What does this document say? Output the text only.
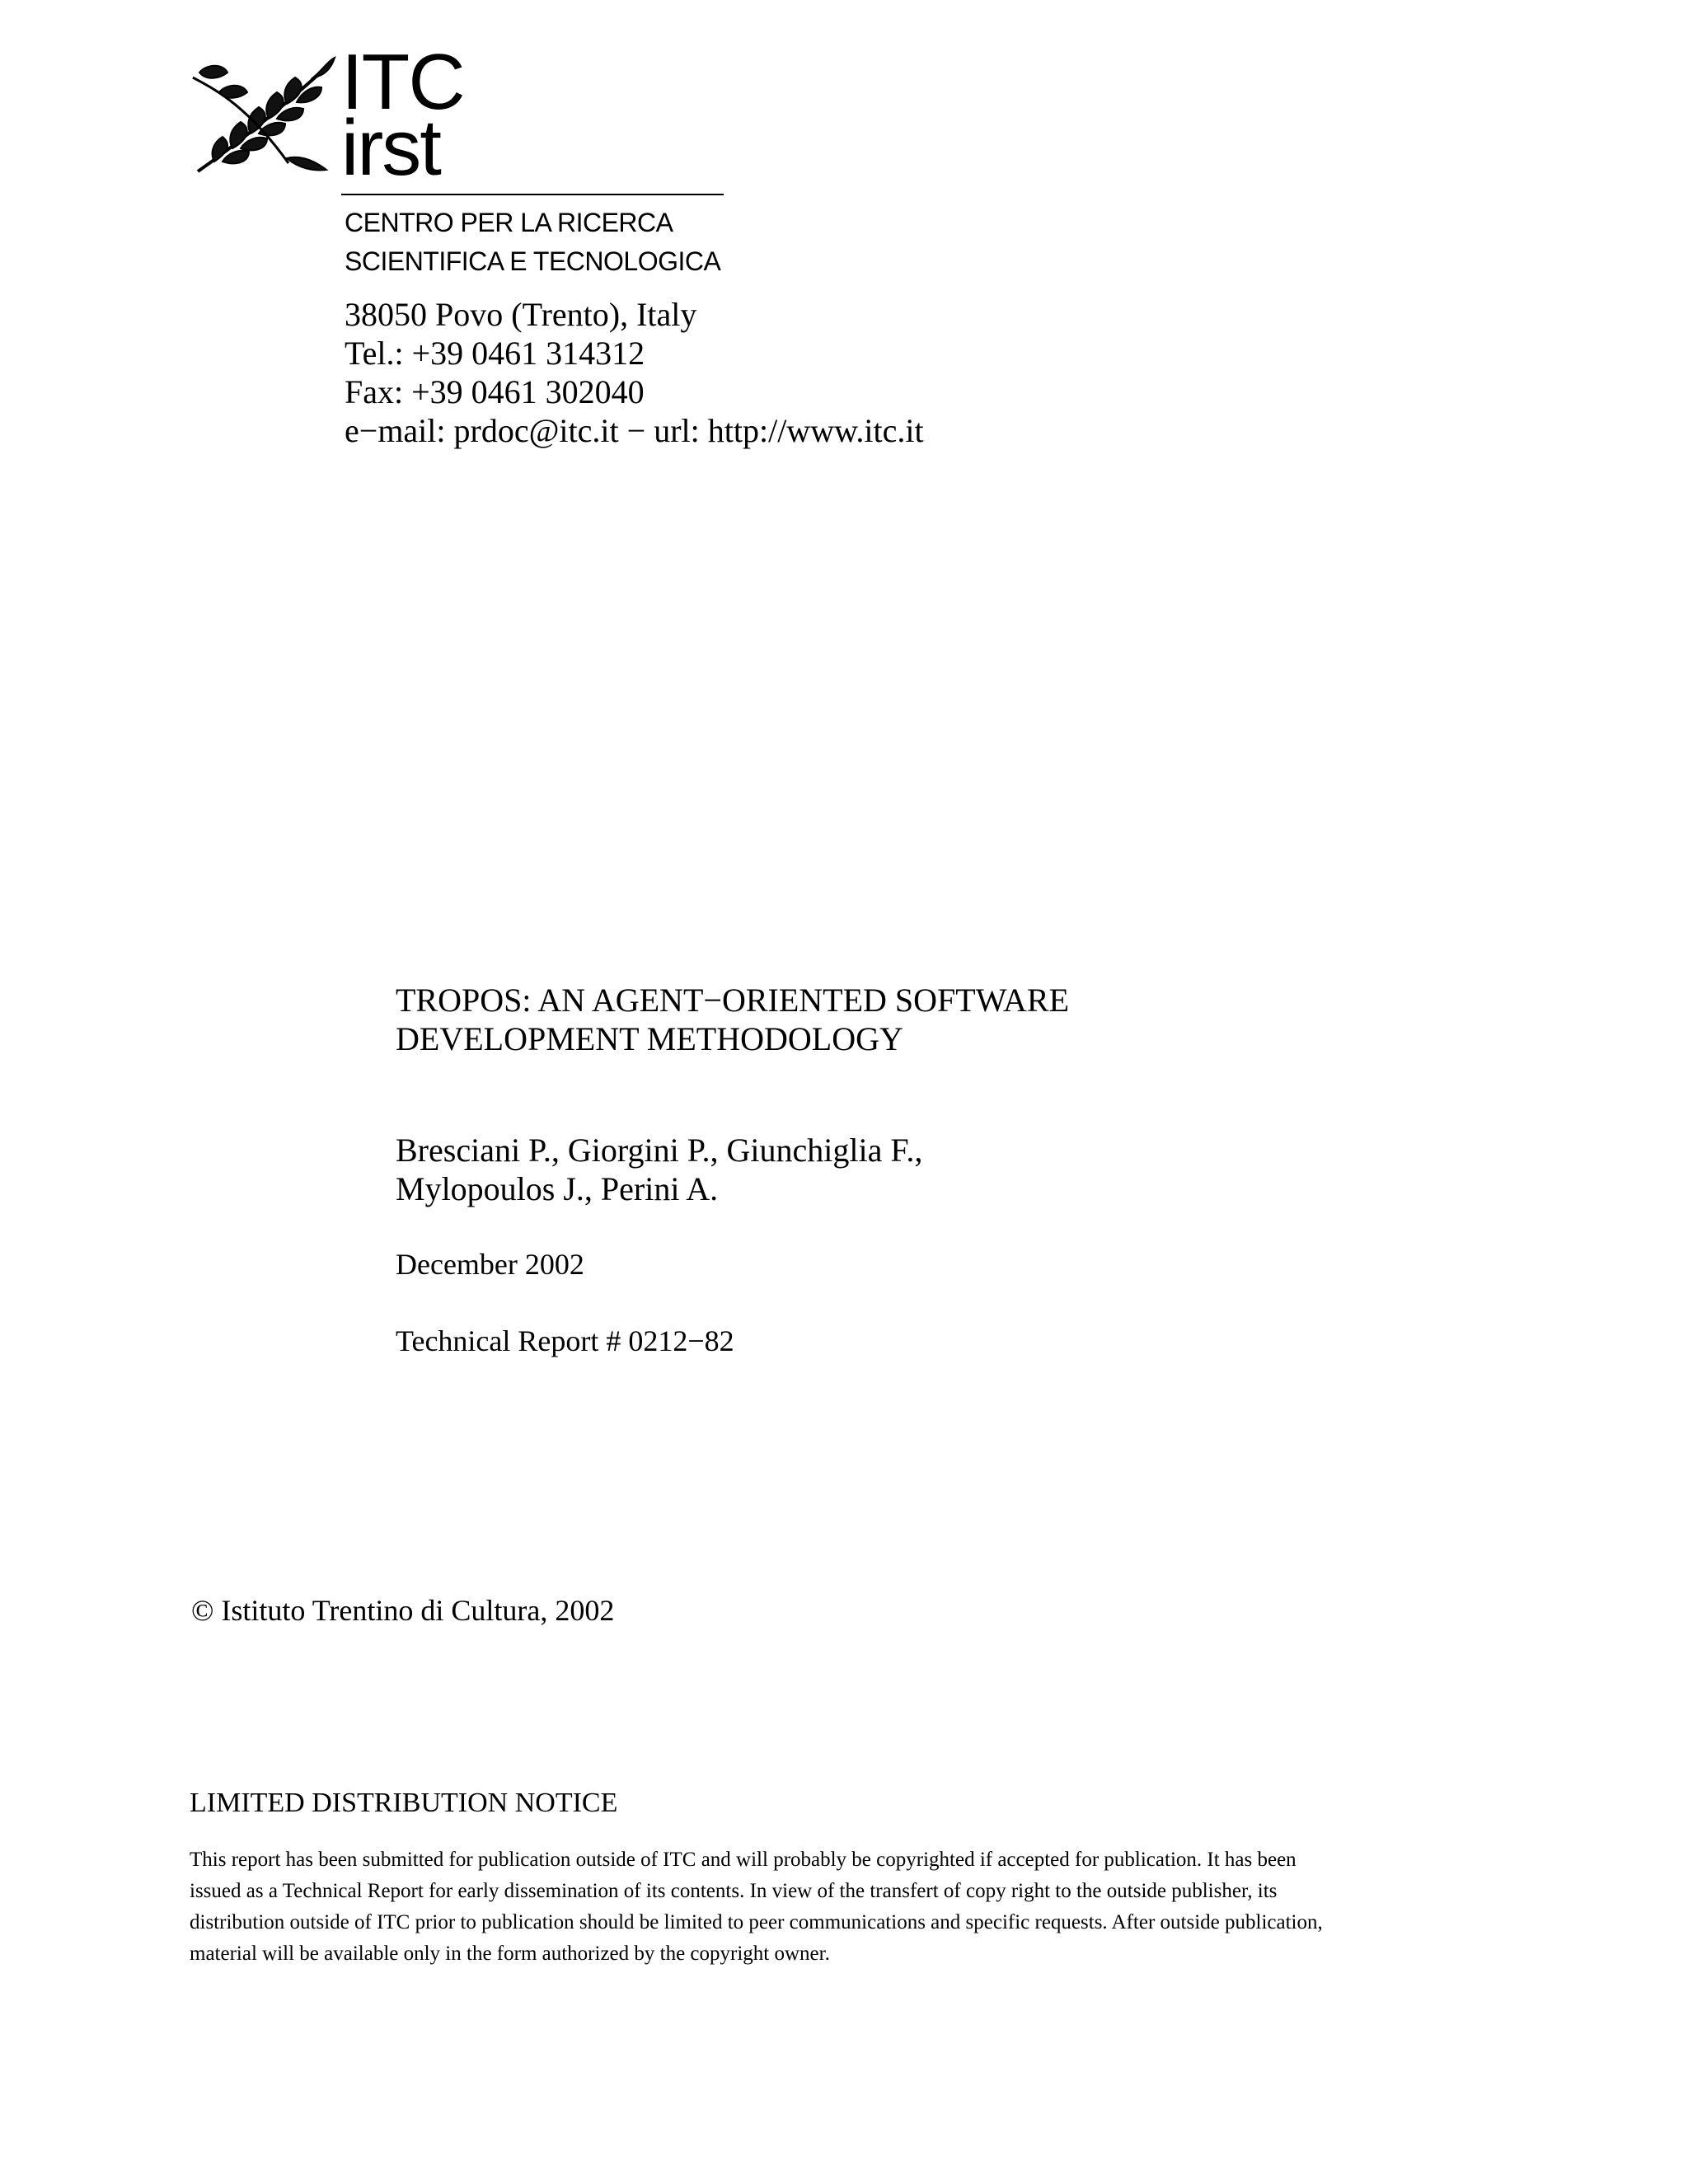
ITC
irst
CENTRO PER LA RICERCA
SCIENTIFICA E TECNOLOGICA
38050 Povo (Trento), Italy
Tel.: +39 0461 314312
Fax: +39 0461 302040
e−mail: prdoc@itc.it − url: http://www.itc.it
TROPOS: AN AGENT−ORIENTED SOFTWARE
DEVELOPMENT METHODOLOGY
Bresciani P., Giorgini P., Giunchiglia F.,
Mylopoulos J., Perini A.
December 2002
Technical Report # 0212−82
© Istituto Trentino di Cultura, 2002
LIMITED DISTRIBUTION NOTICE
This report has been submitted for publication outside of ITC and will probably be copyrighted if accepted for publication. It has been
issued as a Technical Report for early dissemination of its contents. In view of the transfert of copy right to the outside publisher, its
distribution outside of ITC prior to publication should be limited to peer communications and specific requests. After outside publication,
material will be available only in the form authorized by the copyright owner.
